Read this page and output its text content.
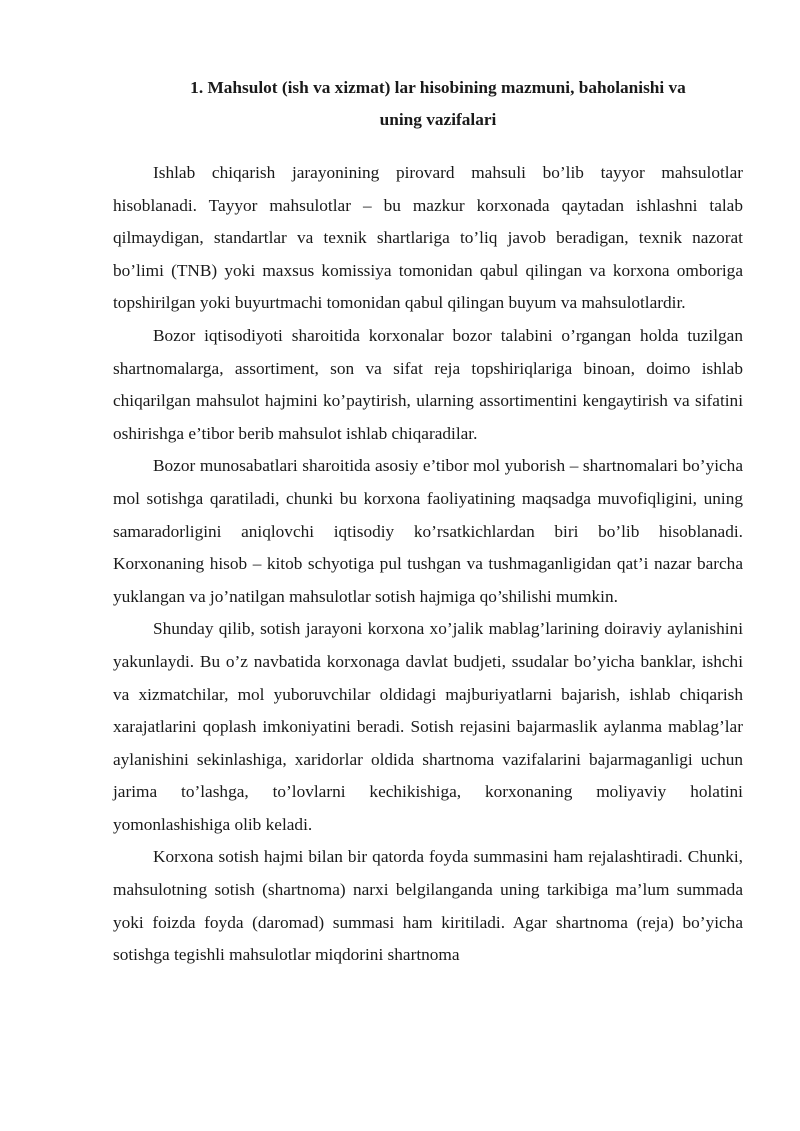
1. Mahsulot (ish va xizmat) lar hisobining mazmuni, baholanishi va
uning vazifalari

Ishlab chiqarish jarayonining pirovard mahsuli bo’lib tayyor mahsulotlar hisoblanadi. Tayyor mahsulotlar – bu mazkur korxonada qaytadan ishlashni talab qilmaydigan, standartlar va texnik shartlariga to’liq javob beradigan, texnik nazorat bo’limi (TNB) yoki maxsus komissiya tomonidan qabul qilingan va korxona omboriga topshirilgan yoki buyurtmachi tomonidan qabul qilingan buyum va mahsulotlardir.

Bozor iqtisodiyoti sharoitida korxonalar bozor talabini o’rgangan holda tuzilgan shartnomalarga, assortiment, son va sifat reja topshiriqlariga binoan, doimo ishlab chiqarilgan mahsulot hajmini ko’paytirish, ularning assortimentini kengaytirish va sifatini oshirishga e’tibor berib mahsulot ishlab chiqaradilar.

Bozor munosabatlari sharoitida asosiy e’tibor mol yuborish – shartnomalari bo’yicha mol sotishga qaratiladi, chunki bu korxona faoliyatining maqsadga muvofiqligini, uning samaradorligini aniqlovchi iqtisodiy ko’rsatkichlardan biri bo’lib hisoblanadi. Korxonaning hisob – kitob schyotiga pul tushgan va tushmaganligidan qat’i nazar barcha yuklangan va jo’natilgan mahsulotlar sotish hajmiga qo’shilishi mumkin.

Shunday qilib, sotish jarayoni korxona xo’jalik mablag’larining doiraviy aylanishini yakunlaydi. Bu o’z navbatida korxonaga davlat budjeti, ssudalar bo’yicha banklar, ishchi va xizmatchilar, mol yuboruvchilar oldidagi majburiyatlarni bajarish, ishlab chiqarish xarajatlarini qoplash imkoniyatini beradi. Sotish rejasini bajarmaslik aylanma mablag’lar aylanishini sekinlashiga, xaridorlar oldida shartnoma vazifalarini bajarmaganligi uchun jarima to’lashga, to’lovlarni kechikishiga, korxonaning moliyaviy holatini yomonlashishiga olib keladi.

Korxona sotish hajmi bilan bir qatorda foyda summasini ham rejalashtiradi. Chunki, mahsulotning sotish (shartnoma) narxi belgilanganda uning tarkibiga ma’lum summada yoki foizda foyda (daromad) summasi ham kiritiladi. Agar shartnoma (reja) bo’yicha sotishga tegishli mahsulotlar miqdorini shartnoma
